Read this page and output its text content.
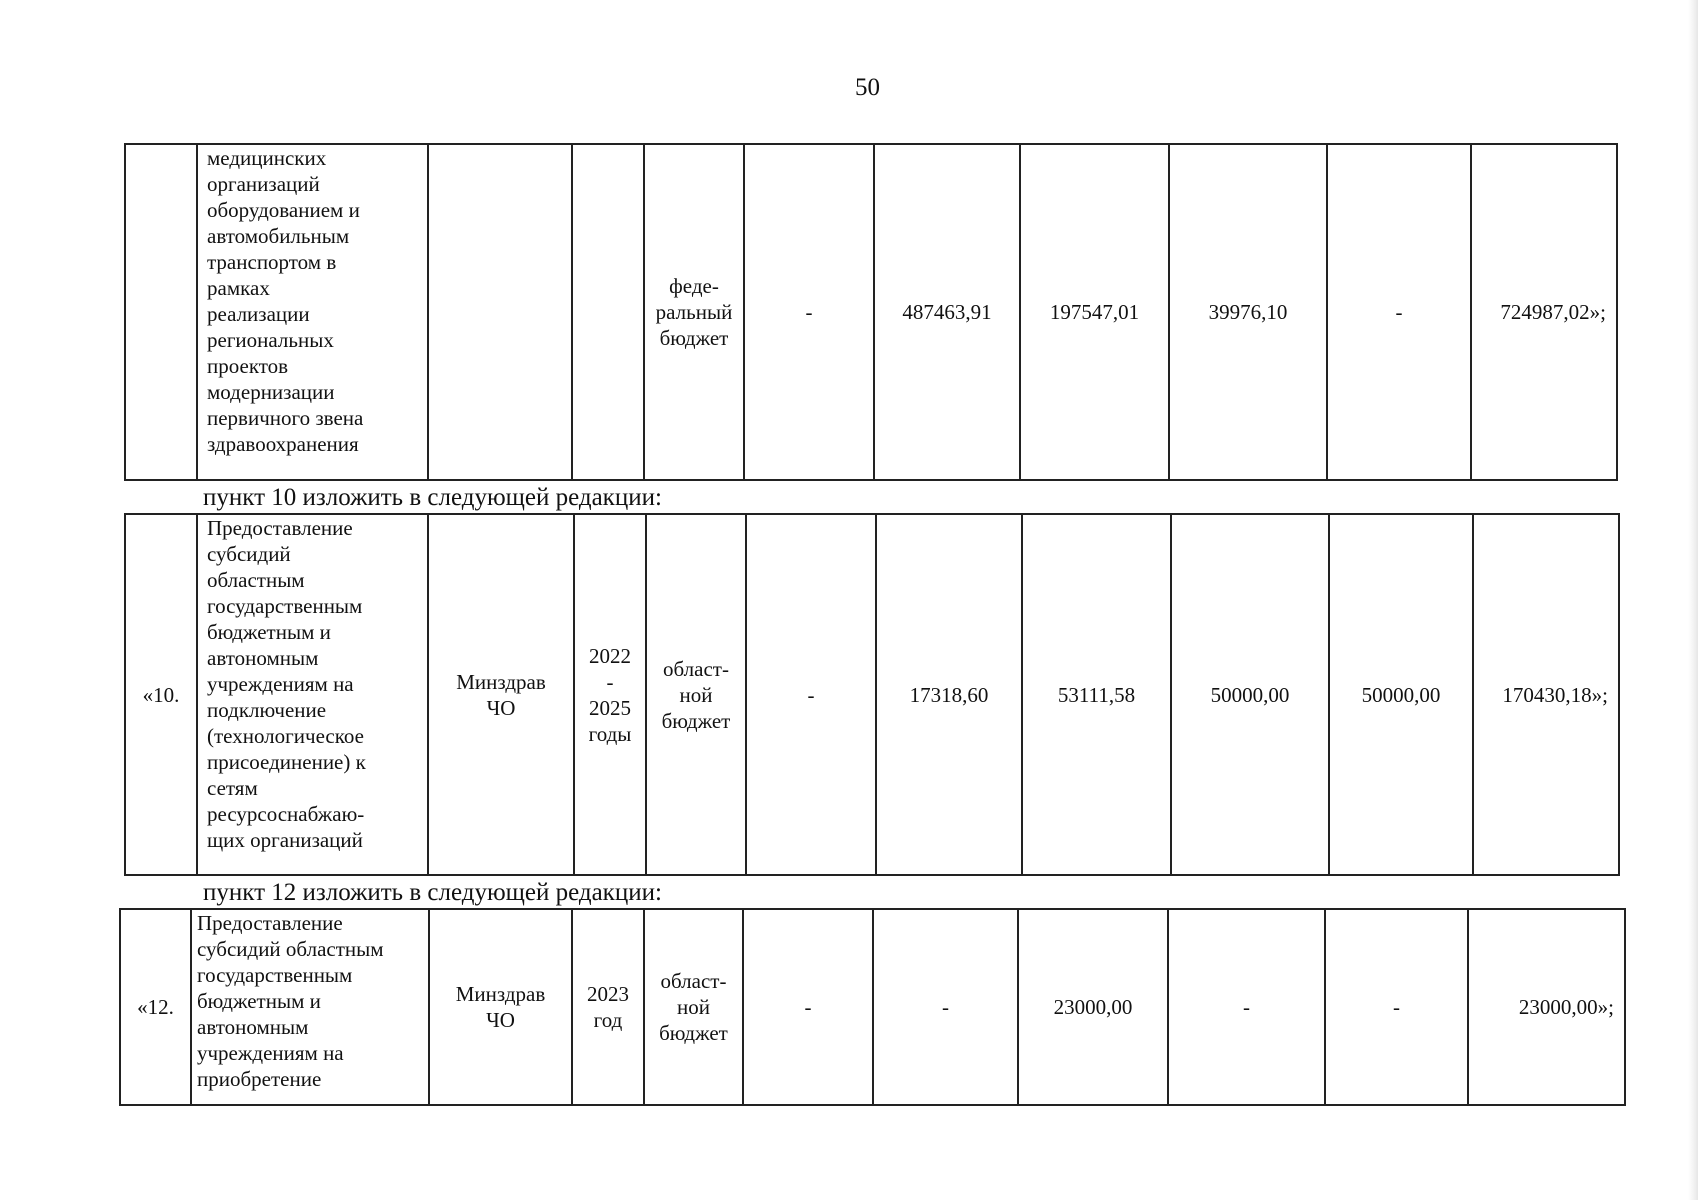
50
	медицинских
организаций
оборудованием и
автомобильным
транспортом в
рамках
реализации
региональных
проектов
модернизации
первичного звена
здравоохранения			феде-
ральный
бюджет	-	487463,91	197547,01	39976,10	-	724987,02»;
пункт 10 изложить в следующей редакции:
«10.	Предоставление
субсидий
областным
государственным
бюджетным и
автономным
учреждениям на
подключение
(технологическое
присоединение) к
сетям
ресурсоснабжаю-
щих организаций	Минздрав
ЧО	2022
-
2025
годы	област-
ной
бюджет	-	17318,60	53111,58	50000,00	50000,00	170430,18»;
пункт 12 изложить в следующей редакции:
«12.	Предоставление
субсидий областным
государственным
бюджетным и
автономным
учреждениям на
приобретение	Минздрав
ЧО	2023
год	област-
ной
бюджет	-	-	23000,00	-	-	23000,00»;
